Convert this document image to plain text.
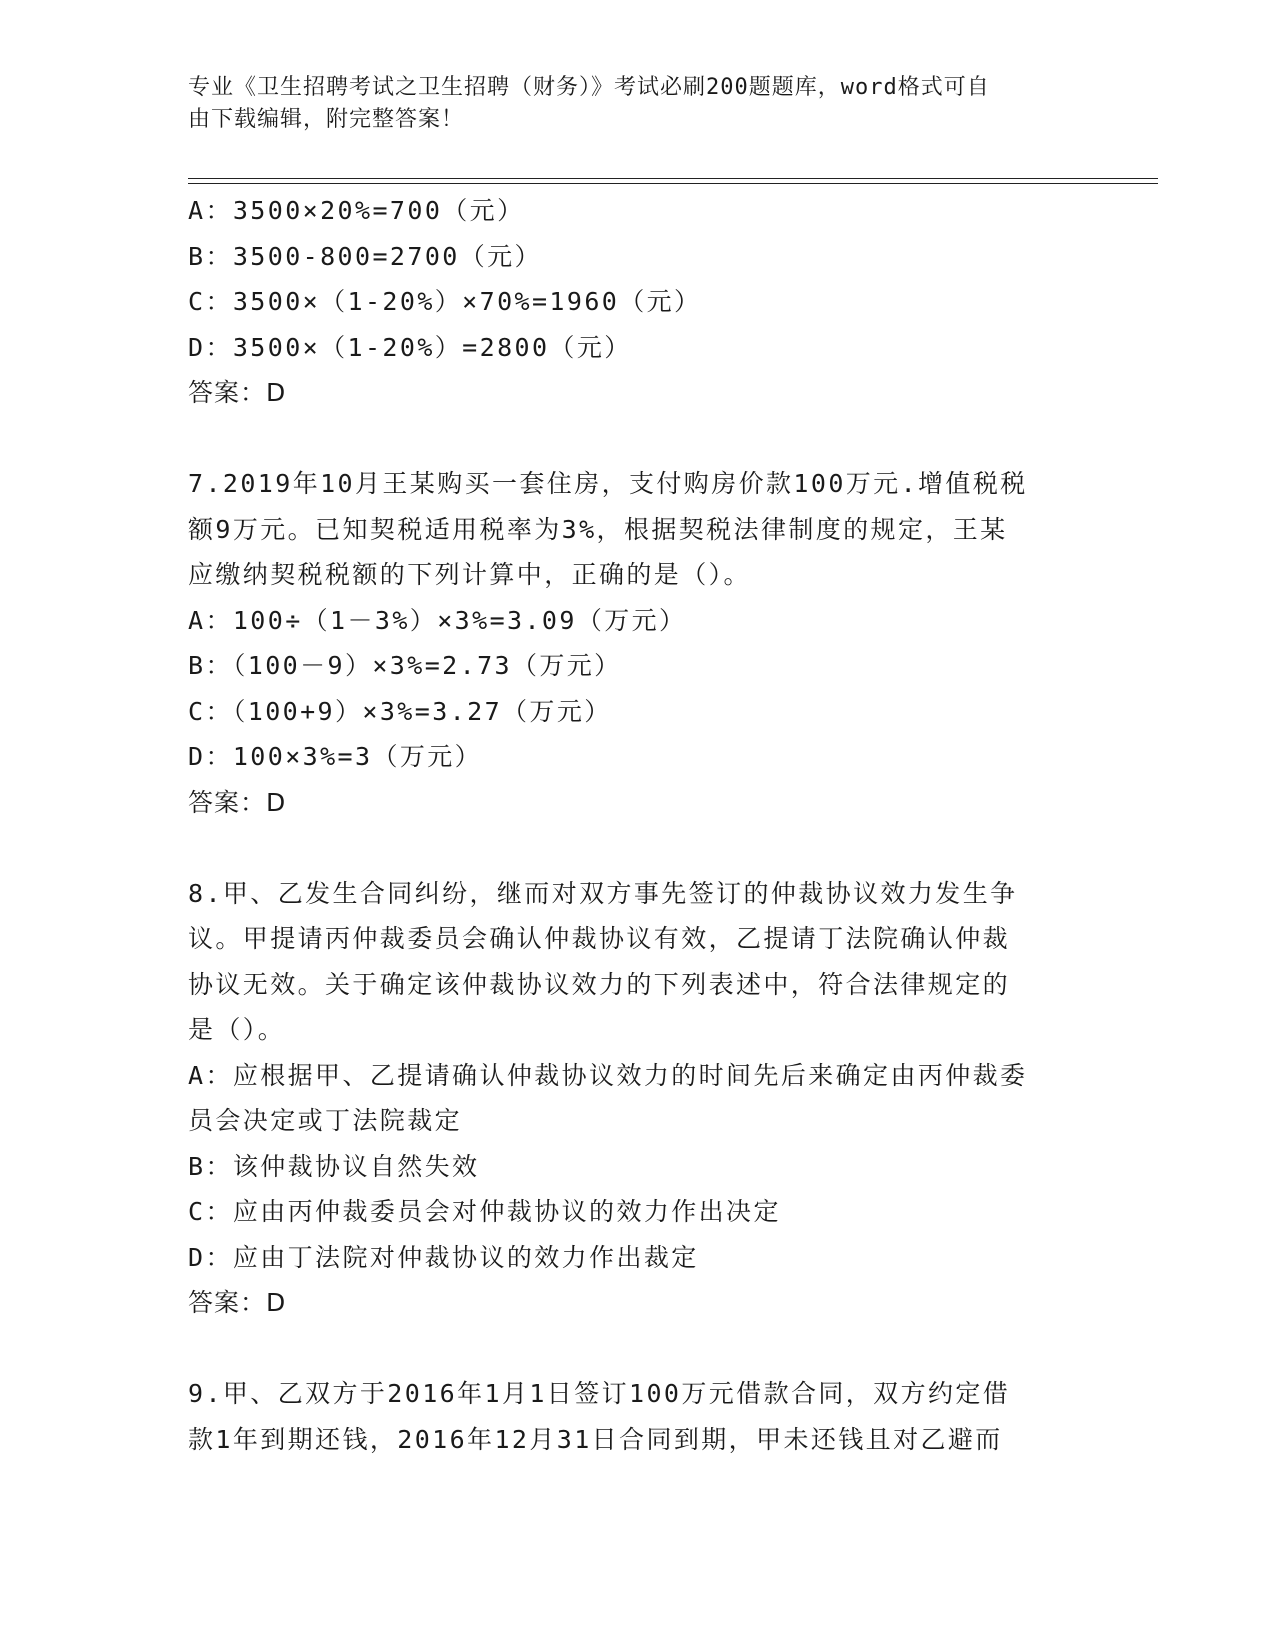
专业《卫生招聘考试之卫生招聘（财务）》考试必刷200题题库，word格式可自
由下载编辑，附完整答案！
A：3500×20%=700（元）
B：3500-800=2700（元）
C：3500×（1-20%）×70%=1960（元）
D：3500×（1-20%）=2800（元）
答案：D
7.2019年10月王某购买一套住房，支付购房价款100万元.增值税税
额9万元。已知契税适用税率为3%，根据契税法律制度的规定，王某
应缴纳契税税额的下列计算中，正确的是（）。
A：100÷（1－3%）×3%=3.09（万元）
B：（100－9）×3%=2.73（万元）
C：（100+9）×3%=3.27（万元）
D：100×3%=3（万元）
答案：D
8.甲、乙发生合同纠纷，继而对双方事先签订的仲裁协议效力发生争
议。甲提请丙仲裁委员会确认仲裁协议有效，乙提请丁法院确认仲裁
协议无效。关于确定该仲裁协议效力的下列表述中，符合法律规定的
是（）。
A：应根据甲、乙提请确认仲裁协议效力的时间先后来确定由丙仲裁委
员会决定或丁法院裁定
B：该仲裁协议自然失效
C：应由丙仲裁委员会对仲裁协议的效力作出决定
D：应由丁法院对仲裁协议的效力作出裁定
答案：D
9.甲、乙双方于2016年1月1日签订100万元借款合同，双方约定借
款1年到期还钱，2016年12月31日合同到期，甲未还钱且对乙避而
